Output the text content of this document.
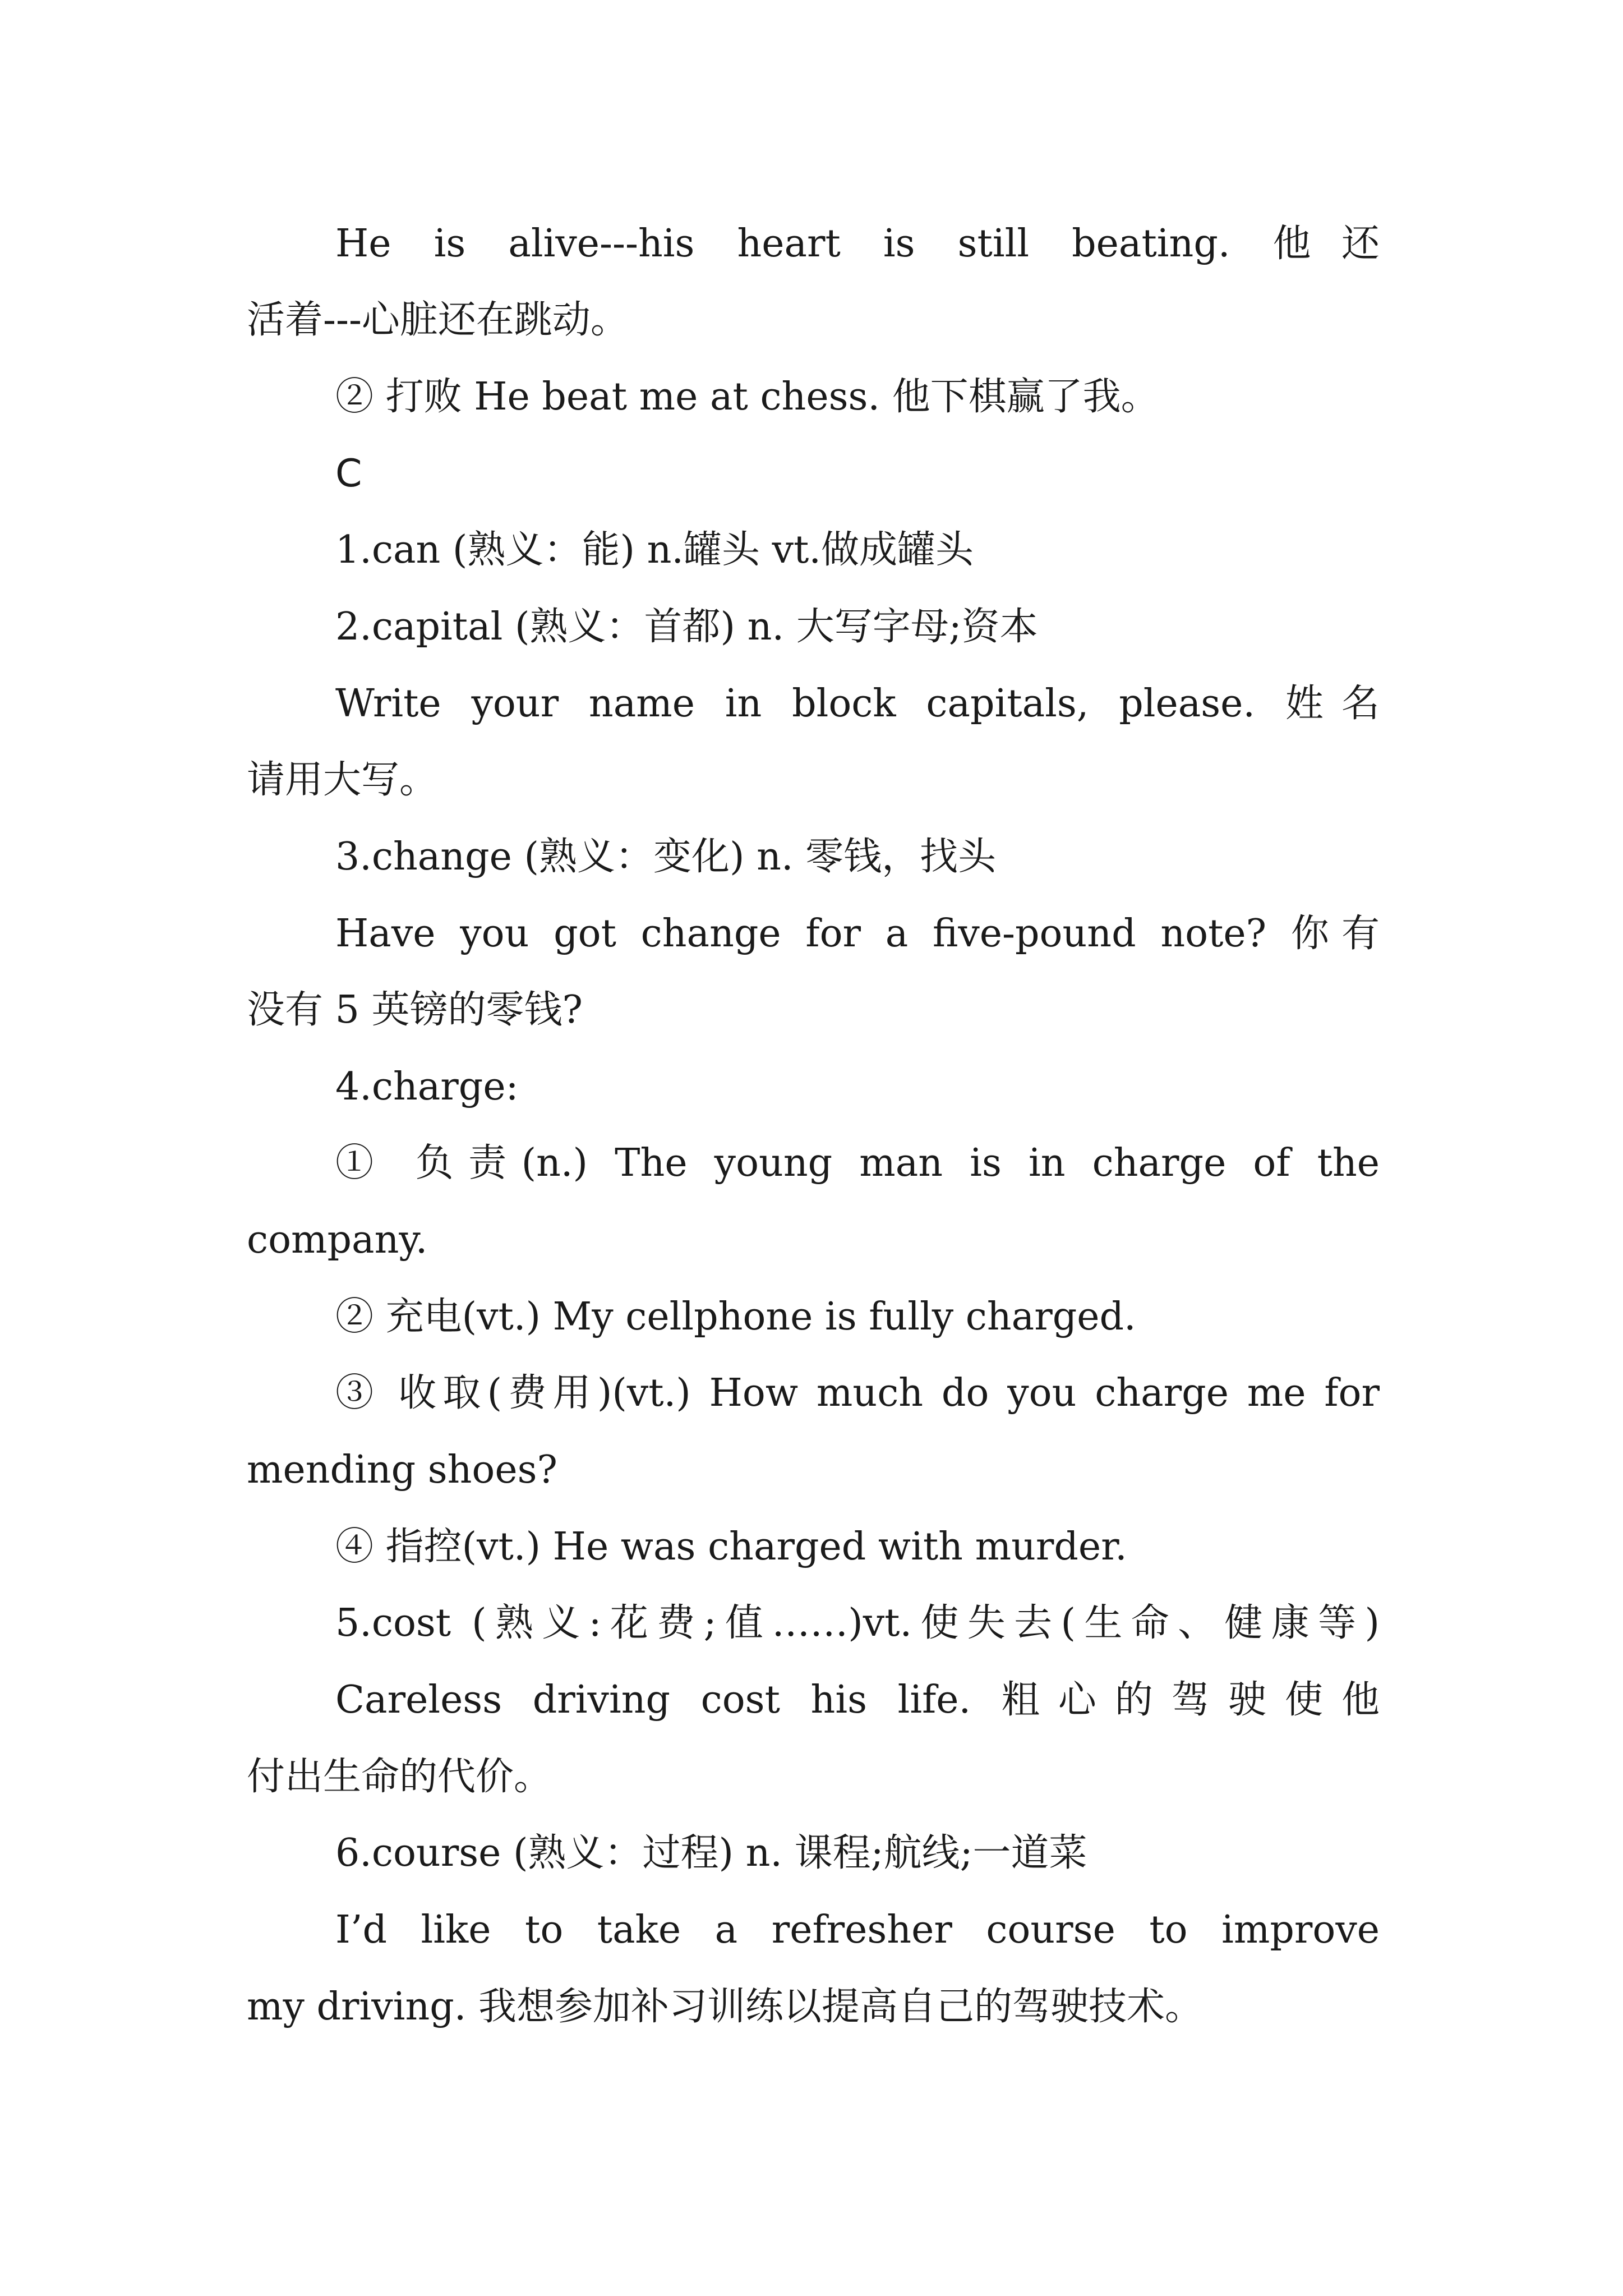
He is alive---his heart is still beating. 他还
活着---心脏还在跳动。
② 打败 He beat me at chess. 他下棋赢了我。
C
1.can (熟义：能) n.罐头 vt.做成罐头
2.capital (熟义：首都) n. 大写字母;资本
Write your name in block capitals, please. 姓名
请用大写。
3.change (熟义：变化) n. 零钱，找头
Have you got change for a five-pound note? 你有
没有 5 英镑的零钱?
4.charge:
① 负责(n.) The young man is in charge of the
company.
② 充电(vt.) My cellphone is fully charged.
③ 收取(费用)(vt.) How much do you charge me for
mending shoes?
④ 指控(vt.) He was charged with murder.
5.cost (熟义:花费;值……)vt.使失去(生命、健康等)
Careless driving cost his life. 粗心的驾驶使他
付出生命的代价。
6.course (熟义：过程) n. 课程;航线;一道菜
I’d like to take a refresher course to improve
my driving. 我想参加补习训练以提高自己的驾驶技术。
